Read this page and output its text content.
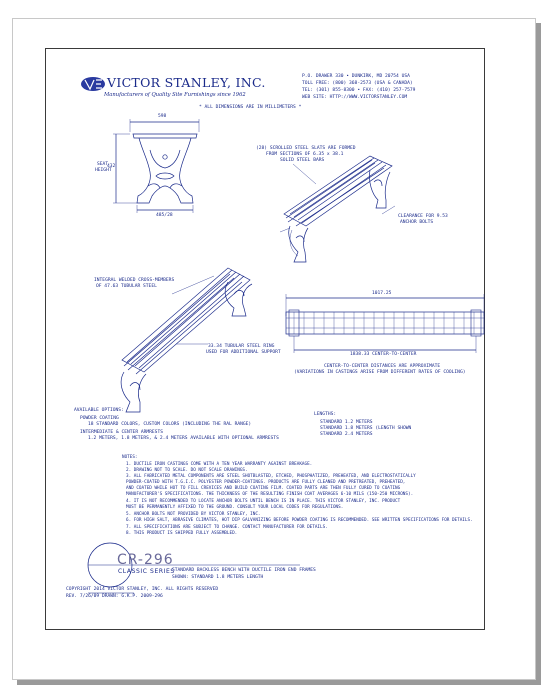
VICTOR STANLEY, INC.
Manufacturers of Quality Site Furnishings since 1962
P.O. DRAWER 330 • DUNKIRK, MD 20754 USA
TOLL FREE: (800) 368-2573 (USA & CANADA)
TEL: (301) 855-8300 • FAX: (410) 257-7579
WEB SITE: HTTP://WWW.VICTORSTANLEY.COM
* ALL DIMENSIONS ARE IN MILLIMETERS *
598
SEAT
HEIGHT
432
485/28
(28) SCROLLED STEEL SLATS ARE FORMED
FROM SECTIONS OF 6.35 x 38.1
SOLID STEEL BARS
CLEARANCE FOR 9.53
ANCHOR BOLTS
INTEGRAL WELDED CROSS-MEMBERS
OF 47.63 TUBULAR STEEL
33.34 TUBULAR STEEL RING
USED FOR ADDITIONAL SUPPORT
1017.25
1838.33 CENTER-TO-CENTER
CENTER-TO-CENTER DISTANCES ARE APPROXIMATE
(VARIATIONS IN CASTINGS ARISE FROM DIFFERENT RATES OF COOLING)
AVAILABLE OPTIONS:
POWDER COATING
18 STANDARD COLORS, CUSTOM COLORS (INCLUDING THE RAL RANGE)
INTERMEDIATE & CENTER ARMRESTS
1.2 METERS, 1.8 METERS, & 2.4 METERS AVAILABLE WITH OPTIONAL ARMRESTS
LENGTHS:
STANDARD 1.2 METERS
STANDARD 1.8 METERS (LENGTH SHOWN
STANDARD 2.4 METERS
NOTES:
1. DUCTILE IRON CASTINGS COME WITH A TEN YEAR WARRANTY AGAINST BREAKAGE.
2. DRAWING NOT TO SCALE. DO NOT SCALE DRAWINGS.
3. ALL FABRICATED METAL COMPONENTS ARE STEEL SHOTBLASTED, ETCHED, PHOSPHATIZED, PREHEATED, AND ELECTROSTATICALLY
POWDER-COATED WITH T.G.I.C. POLYESTER POWDER-COATINGS. PRODUCTS ARE FULLY CLEANED AND PRETREATED, PREHEATED,
AND COATED WHILE HOT TO FILL CREVICES AND BUILD COATING FILM. COATED PARTS ARE THEN FULLY CURED TO COATING
MANUFACTURER'S SPECIFICATIONS. THE THICKNESS OF THE RESULTING FINISH COAT AVERAGES 6-10 MILS (150-250 MICRONS).
4. IT IS NOT RECOMMENDED TO LOCATE ANCHOR BOLTS UNTIL BENCH IS IN PLACE. THIS VICTOR STANLEY, INC. PRODUCT
MUST BE PERMANENTLY AFFIXED TO THE GROUND. CONSULT YOUR LOCAL CODES FOR REGULATIONS.
5. ANCHOR BOLTS NOT PROVIDED BY VICTOR STANLEY, INC.
6. FOR HIGH SALT, ABRASIVE CLIMATES, HOT DIP GALVANIZING BEFORE POWDER COATING IS RECOMMENDED. SEE WRITTEN SPECIFICATIONS FOR DETAILS.
7. ALL SPECIFICATIONS ARE SUBJECT TO CHANGE. CONTACT MANUFACTURER FOR DETAILS.
8. THIS PRODUCT IS SHIPPED FULLY ASSEMBLED.
CR-296
CLASSIC SERIES
STANDARD BACKLESS BENCH WITH DUCTILE IRON END FRAMES
SHOWN: STANDARD 1.8 METERS LENGTH
COPYRIGHT 2014 VICTOR STANLEY, INC. ALL RIGHTS RESERVED
REV. 7/26/09 DRAWN: G.K.P. 2009-296
